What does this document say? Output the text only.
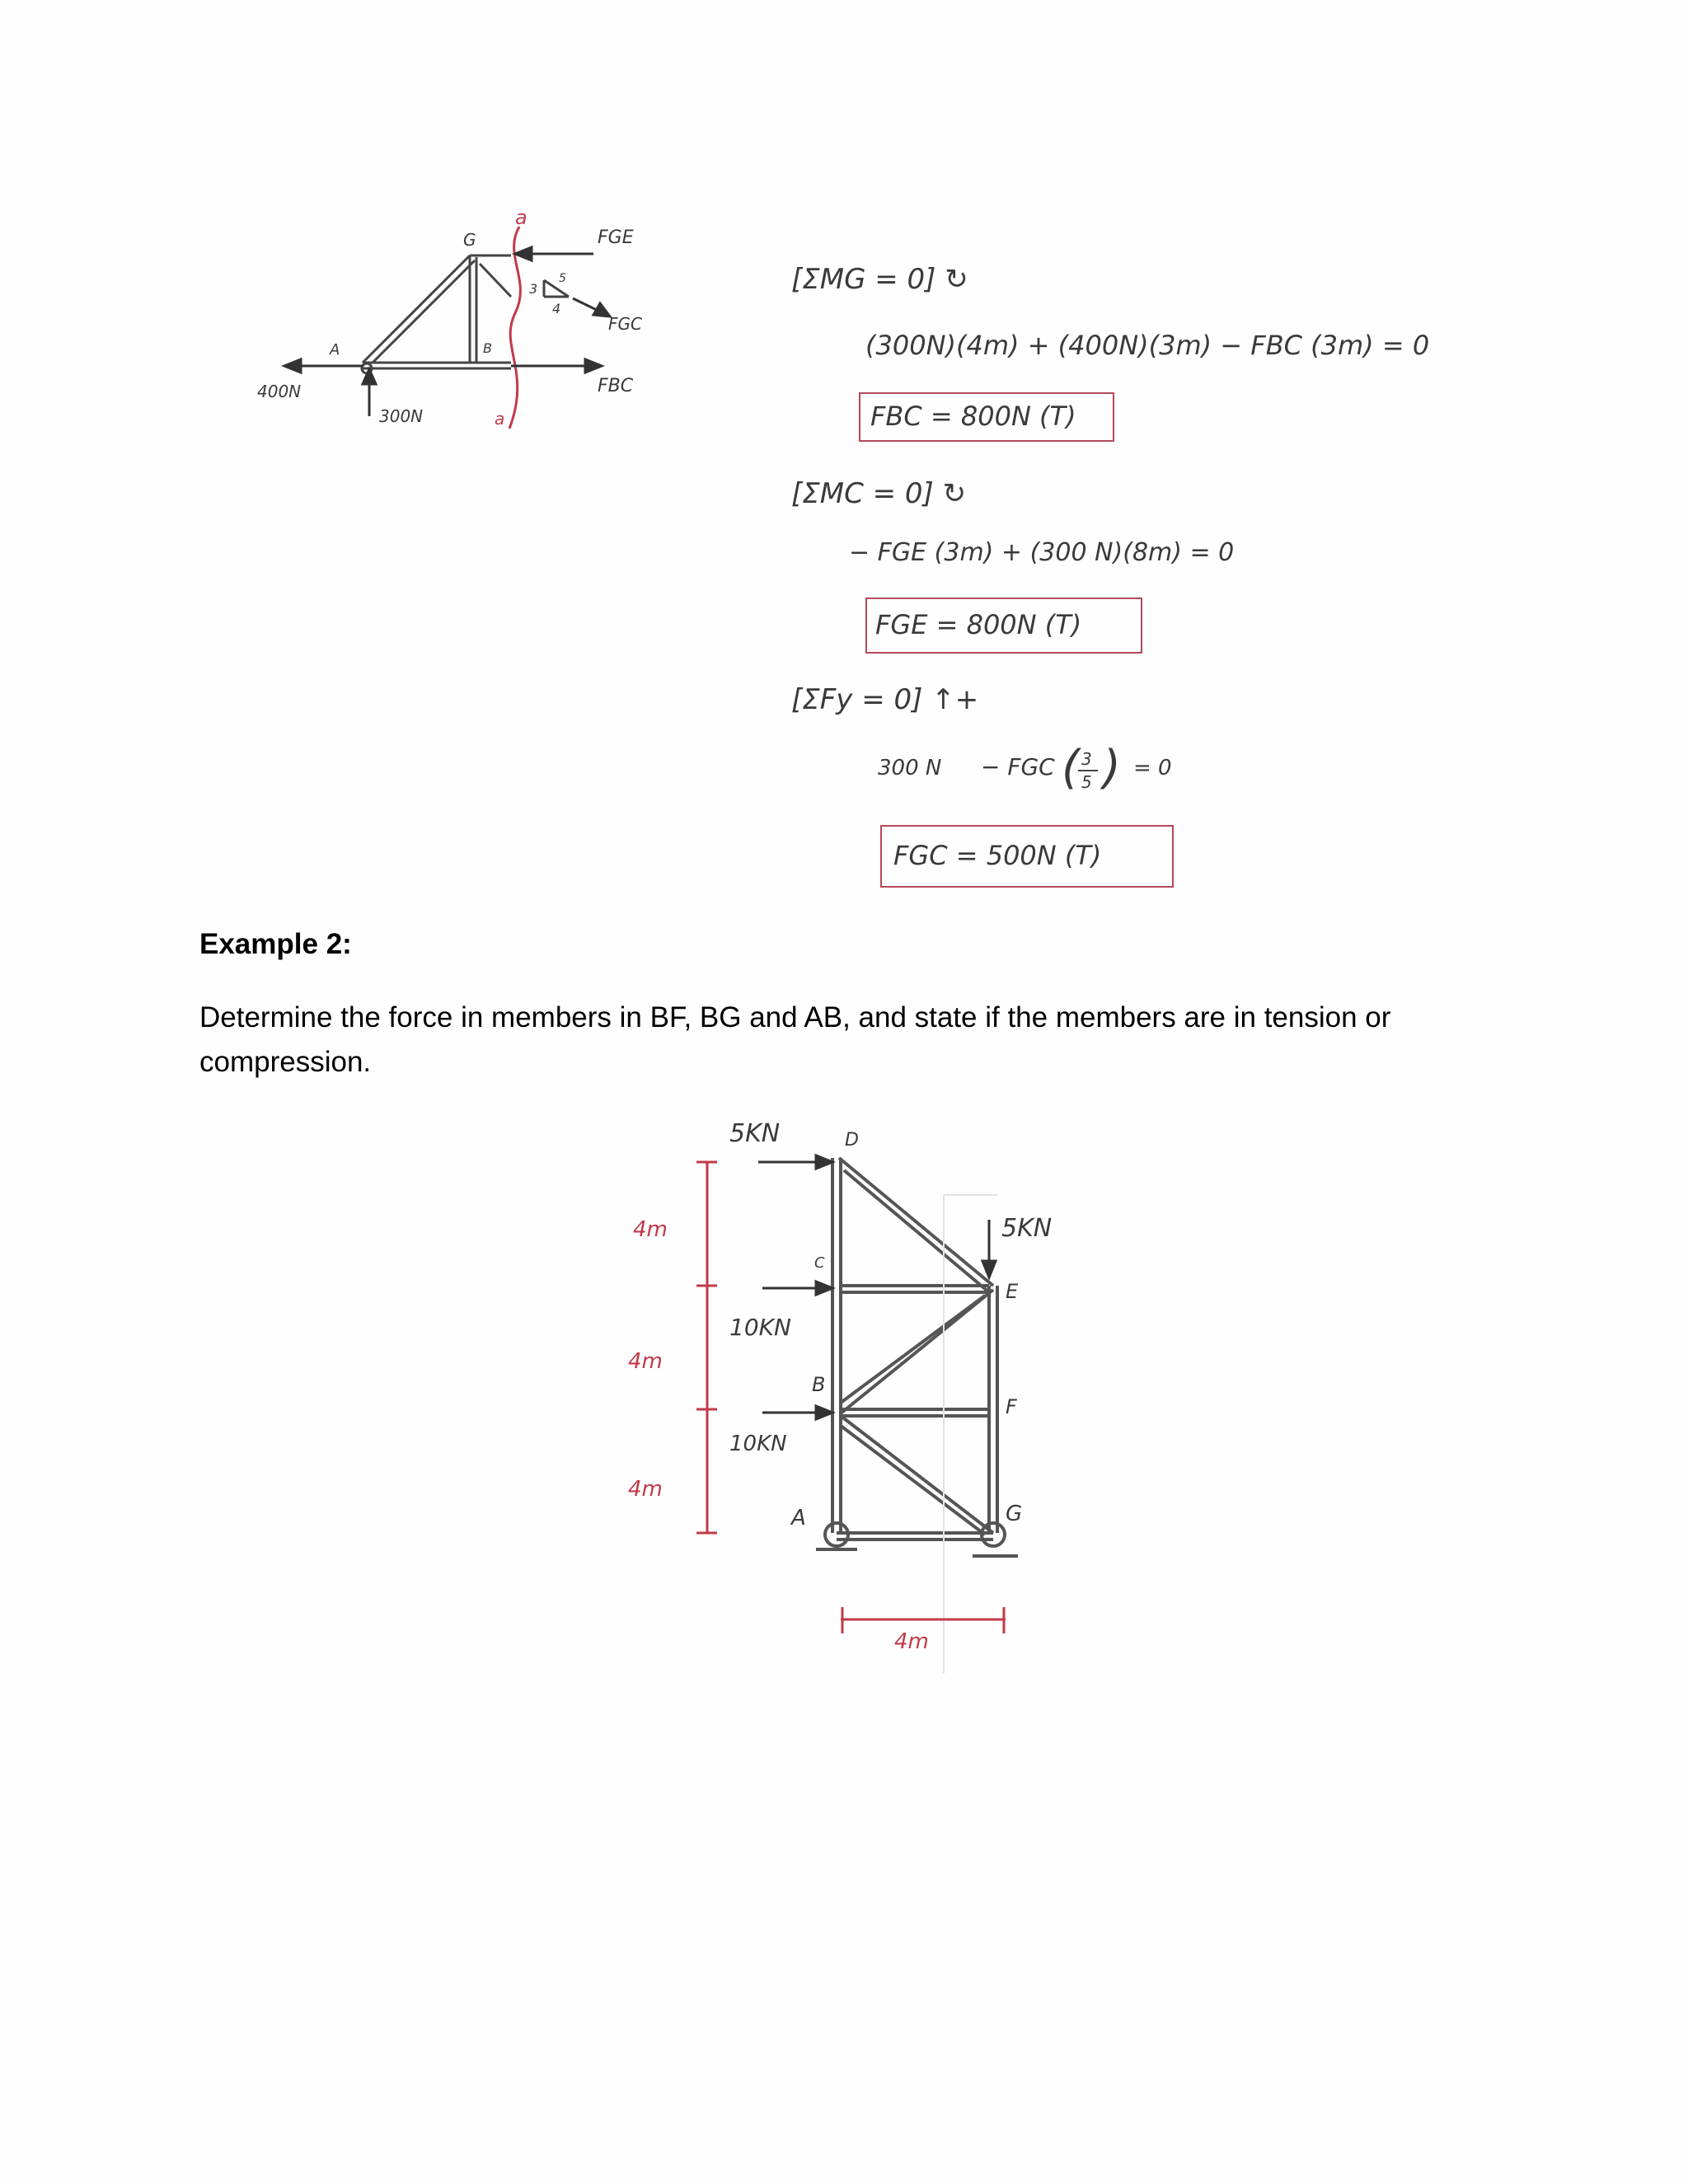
G
a
a
FGE
FGC
FBC
A	B
3
4
5
400N
300N
[ΣMG = 0] ↻
(300N)(4m) + (400N)(3m) − FBC (3m) = 0
[ΣMC = 0] ↻
− FGE (3m) + (300 N)(8m) = 0
[ΣFy = 0] ↑+
300 N − FGC ( 3
5 ) = 0
FBC = 800N (T)
FGE = 800N (T)
FGC = 500N (T)
Example 2:
Determine the force in members in BF, BG and AB, and state if the members are in tension or compression.
5KN	D
C
E
5KN
10KN
B
F
10KN
A	G
4m
4m
4m
4m
